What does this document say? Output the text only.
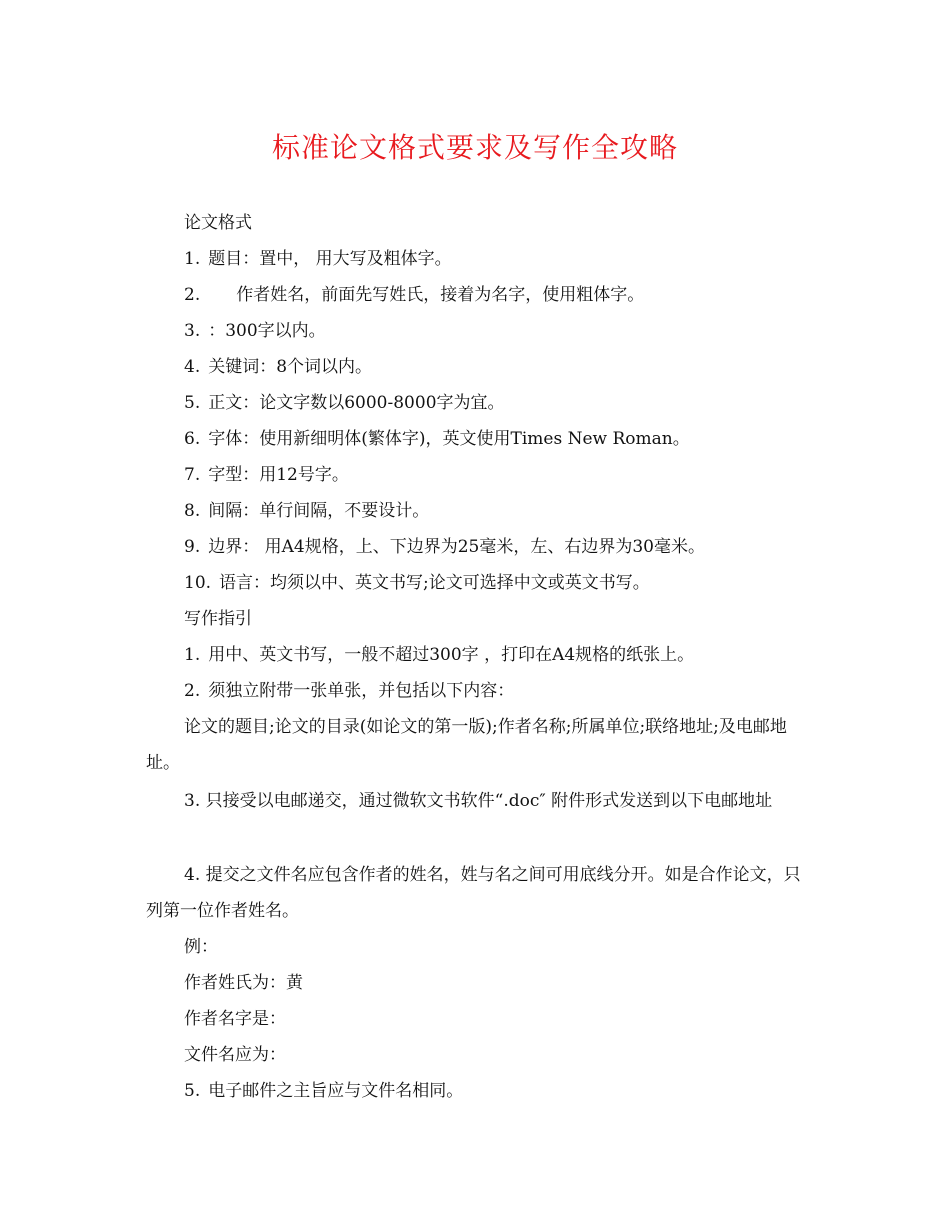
标准论文格式要求及写作全攻略
论文格式
1. 题目：置中， 用大写及粗体字。
2. 作者姓名，前面先写姓氏，接着为名字，使用粗体字。
3. ：300字以内。
4. 关键词：8个词以内。
5. 正文：论文字数以6000-8000字为宜。
6. 字体：使用新细明体(繁体字)，英文使用Times New Roman。
7. 字型：用12号字。
8. 间隔：单行间隔，不要设计。
9. 边界： 用A4规格，上、下边界为25毫米，左、右边界为30毫米。
10. 语言：均须以中、英文书写;论文可选择中文或英文书写。
写作指引
1. 用中、英文书写，一般不超过300字 ，打印在A4规格的纸张上。
2. 须独立附带一张单张，并包括以下内容：
论文的题目;论文的目录(如论文的第一版);作者名称;所属单位;联络地址;及电邮地址。
3. 只接受以电邮递交，通过微软文书软件“.doc″ 附件形式发送到以下电邮地址
4. 提交之文件名应包含作者的姓名，姓与名之间可用底线分开。如是合作论文，只列第一位作者姓名。
例：
作者姓氏为：黄
作者名字是：
文件名应为：
5. 电子邮件之主旨应与文件名相同。
